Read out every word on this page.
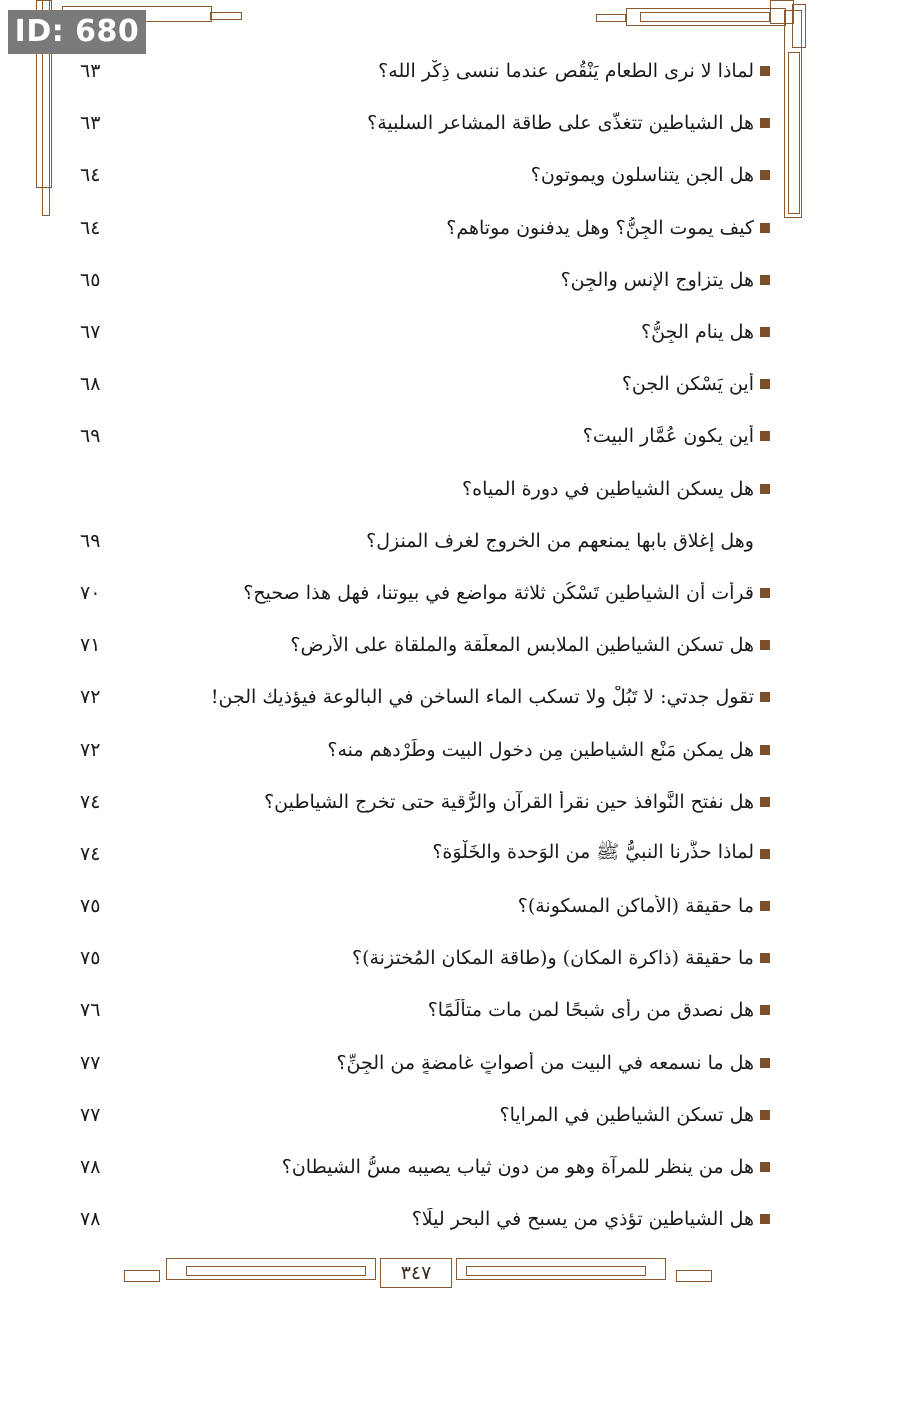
ID: 680
لماذا لا نرى الطعام يَنْقُص عندما ننسى ذِكْر الله؟
٦٣
هل الشياطين تتغذَّى على طاقة المشاعر السلبية؟
٦٣
هل الجن يتناسلون ويموتون؟
٦٤
كيف يموت الجِنُّ؟ وهل يدفنون موتاهم؟
٦٤
هل يتزاوج الإنس والجِن؟
٦٥
هل ينام الجِنُّ؟
٦٧
أين يَسْكن الجن؟
٦٨
أين يكون عُمَّار البيت؟
٦٩
هل يسكن الشياطين في دورة المياه؟
وهل إغلاق بابها يمنعهم من الخروج لغرف المنزل؟
٦٩
قرأت أن الشياطين تَسْكُن ثلاثة مواضع في بيوتنا، فهل هذا صحيح؟
٧٠
هل تسكن الشياطين الملابس المعلَّقة والملقاة على الأرض؟
٧١
تقول جدتي: لا تَبُلْ ولا تسكب الماء الساخن في البالوعة فيؤذيك الجن!
٧٢
هل يمكن مَنْع الشياطين مِن دخول البيت وطَرْدهم منه؟
٧٢
هل نفتح النَّوافذ حين نقرأ القرآن والرُّقية حتى تخرج الشياطين؟
٧٤
لماذا حذَّرنا النبيُّ ﷺ من الوَحدة والخَلْوَة؟
٧٤
ما حقيقة (الأماكن المسكونة)؟
٧٥
ما حقيقة (ذاكرة المكان) و(طاقة المكان المُختزنة)؟
٧٥
هل نصدق من رأى شبحًا لمن مات متألِّمًا؟
٧٦
هل ما نسمعه في البيت من أصواتٍ غامضةٍ من الجِنِّ؟
٧٧
هل تسكن الشياطين في المرايا؟
٧٧
هل من ينظر للمرآة وهو من دون ثياب يصيبه مسُّ الشيطان؟
٧٨
هل الشياطين تؤذي من يسبح في البحر ليلًا؟
٧٨
٣٤٧
